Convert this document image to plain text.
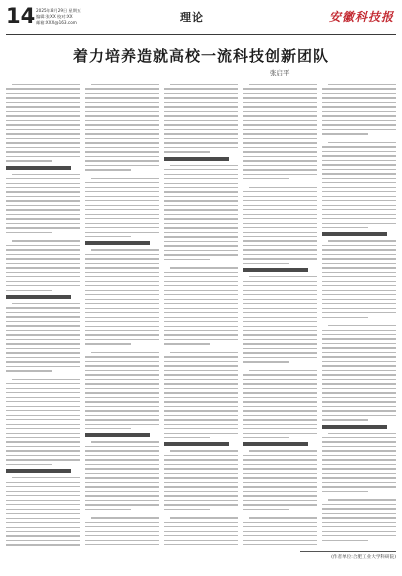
14 2025年8月29日 星期五
编辑:张XX 校对:XX
邮箱:XXX@163.com	理论	安徽科技报
着力培养造就高校一流科技创新团队
张启平
(作者单位:合肥工业大学科研院)
